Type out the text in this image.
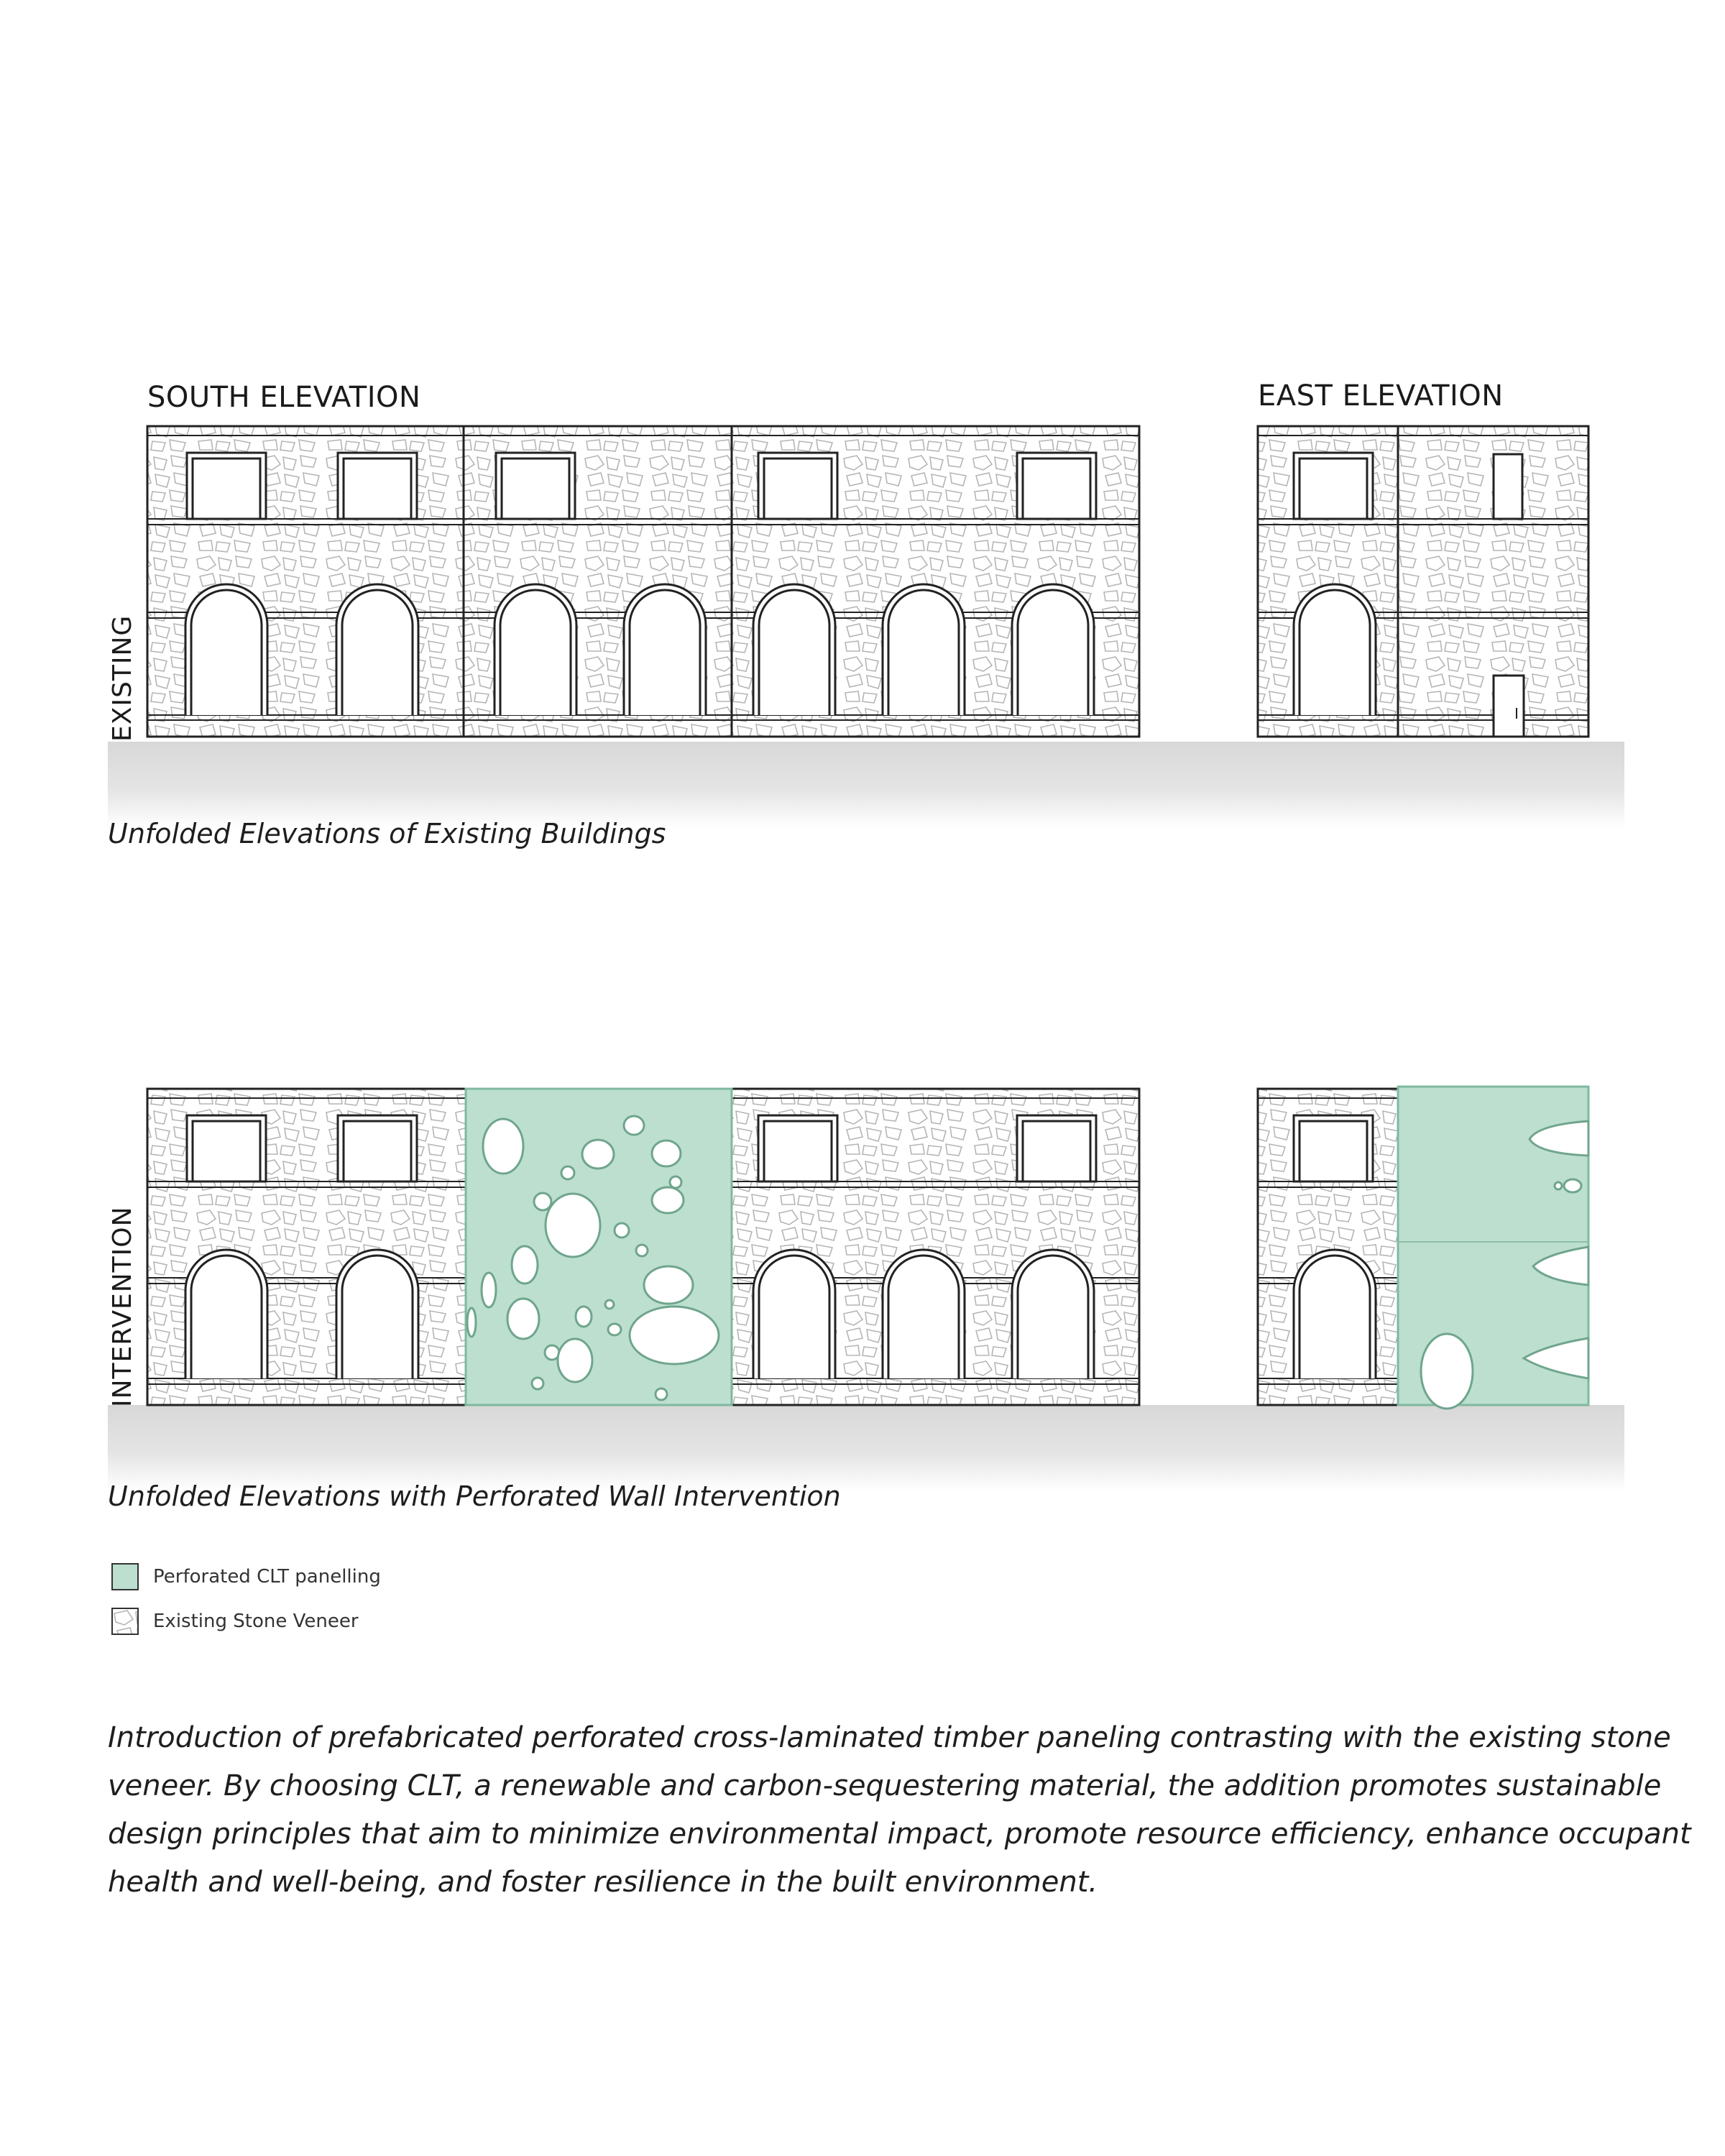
SOUTH ELEVATION	EAST ELEVATION
EXISTING
Unfolded Elevations of Existing Buildings
INTERVENTION
Unfolded Elevations with Perforated Wall Intervention
Perforated CLT panelling
Existing Stone Veneer
Introduction of prefabricated perforated cross-laminated timber paneling contrasting with the existing stone veneer. By choosing CLT, a renewable and carbon-sequestering material, the addition promotes sustainable design principles that aim to minimize environmental impact, promote resource efficiency, enhance occupant health and well-being, and foster resilience in the built environment.
